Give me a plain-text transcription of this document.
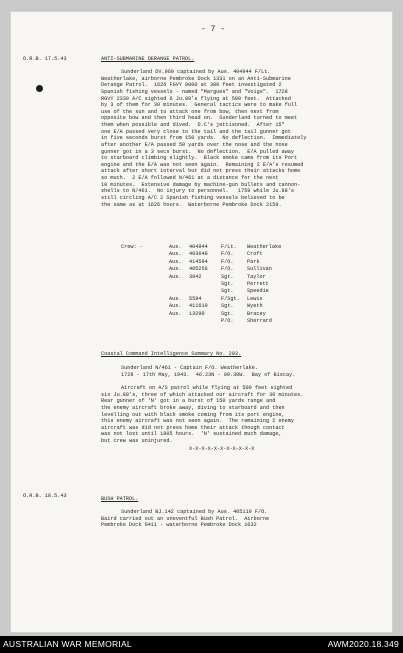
- 7 -
O.R.B. 17.5.43	ANTI-SUBMARINE DERANGE PATROL.
Sunderland DV.960 captained by Aus. 404944 F/Lt.
Weatherlake, airborne Pembroke Dock 1331 on an Anti-Submarine
Derange Patrol.  1626 FGVY 0000 at 300 feet investigated 2
Spanish fishing vessels - named "Margues" and "Voigs".  1728
RGVY 2330 A/C sighted 6 Ju.88's flying at 500 feet.  Attacked
by 3 of them for 30 minutes.  General tactics were to make full
use of the sun and to attack one from bow, then next from
opposite bow and then third head on.  Sunderland turned to meet
them when possible and dived.  D.C's jettisoned.  After 15"
one E/A passed very close to the tail and the tail gunner got
in five seconds burst from 150 yards.  No deflection.  Immediately
after another E/A passed 50 yards over the nose and the nose
gunner got in a 3 secs burst.  No deflection.  E/A pulled away
to starboard climbing slightly.  Black smoke came from its Port
engine and the E/A was not seen again.  Remaining 2 E/A's resumed
attack after short interval but did not press their attacks home
so much.  2 E/A followed N/461 at a distance for the next
10 minutes.  Extensive damage by machine-gun bullets and cannon-
shells to N/461.  No injury to personnel.   1759 while Ju.88's
still circling A/C 2 Spanish fishing vessels believed to be
the same as at 1626 hours.  Waterborne Pembroke Dock 2159.
Crew: -	Aus. 404944	F/Lt. Weatherlake
Aus. 403648	F/O.	Croft
Aus. 414594	F/O.	Park
Aus. 405256	F/O.	Sullivan
Aus. 3942	Sgt.	Taylor
Sgt.	Perrett
Sgt.	Speedie
Aus. 5594	F/Sgt. Lewis
Aus. 411619	Sgt.	Wyeth
Aus. 13290	Sgt.	Bracey
P/O.	Sherrard
Coastal Command Intelligence Summary No. 203.
Sunderland N/461 - Captain F/O. Weatherlake.
1728 - 17th May, 1943.  46.23N - 09.30W.  Bay of Biscay.
Aircraft on A/S patrol while flying at 500 feet sighted
six Ju.88's, three of which attacked our aircraft for 30 minutes.
Rear gunner of 'N' got in a burst of 150 yards range and
the enemy aircraft broke away, diving to starboard and then
levelling out with black smoke coming from its port engine,
this enemy aircraft was not seen again.  The remaining 2 enemy
aircraft was did not press home their attack though contact
was not lost until 1805 hours.  'N' sustained much damage,
but crew was uninjured.
X-X-X-X-X-X-X-X-X-X-X
O.R.B. 18.5.43	BUSH PATROL.
Sunderland BJ.142 captained by Aus. 405119 F/O.
Baird carried out an uneventful Bush Patrol.  Airborne
Pembroke Dock 0411 - waterborne Pembroke Dock 1632
AUSTRALIAN WAR MEMORIAL	AWM2020.18.349
